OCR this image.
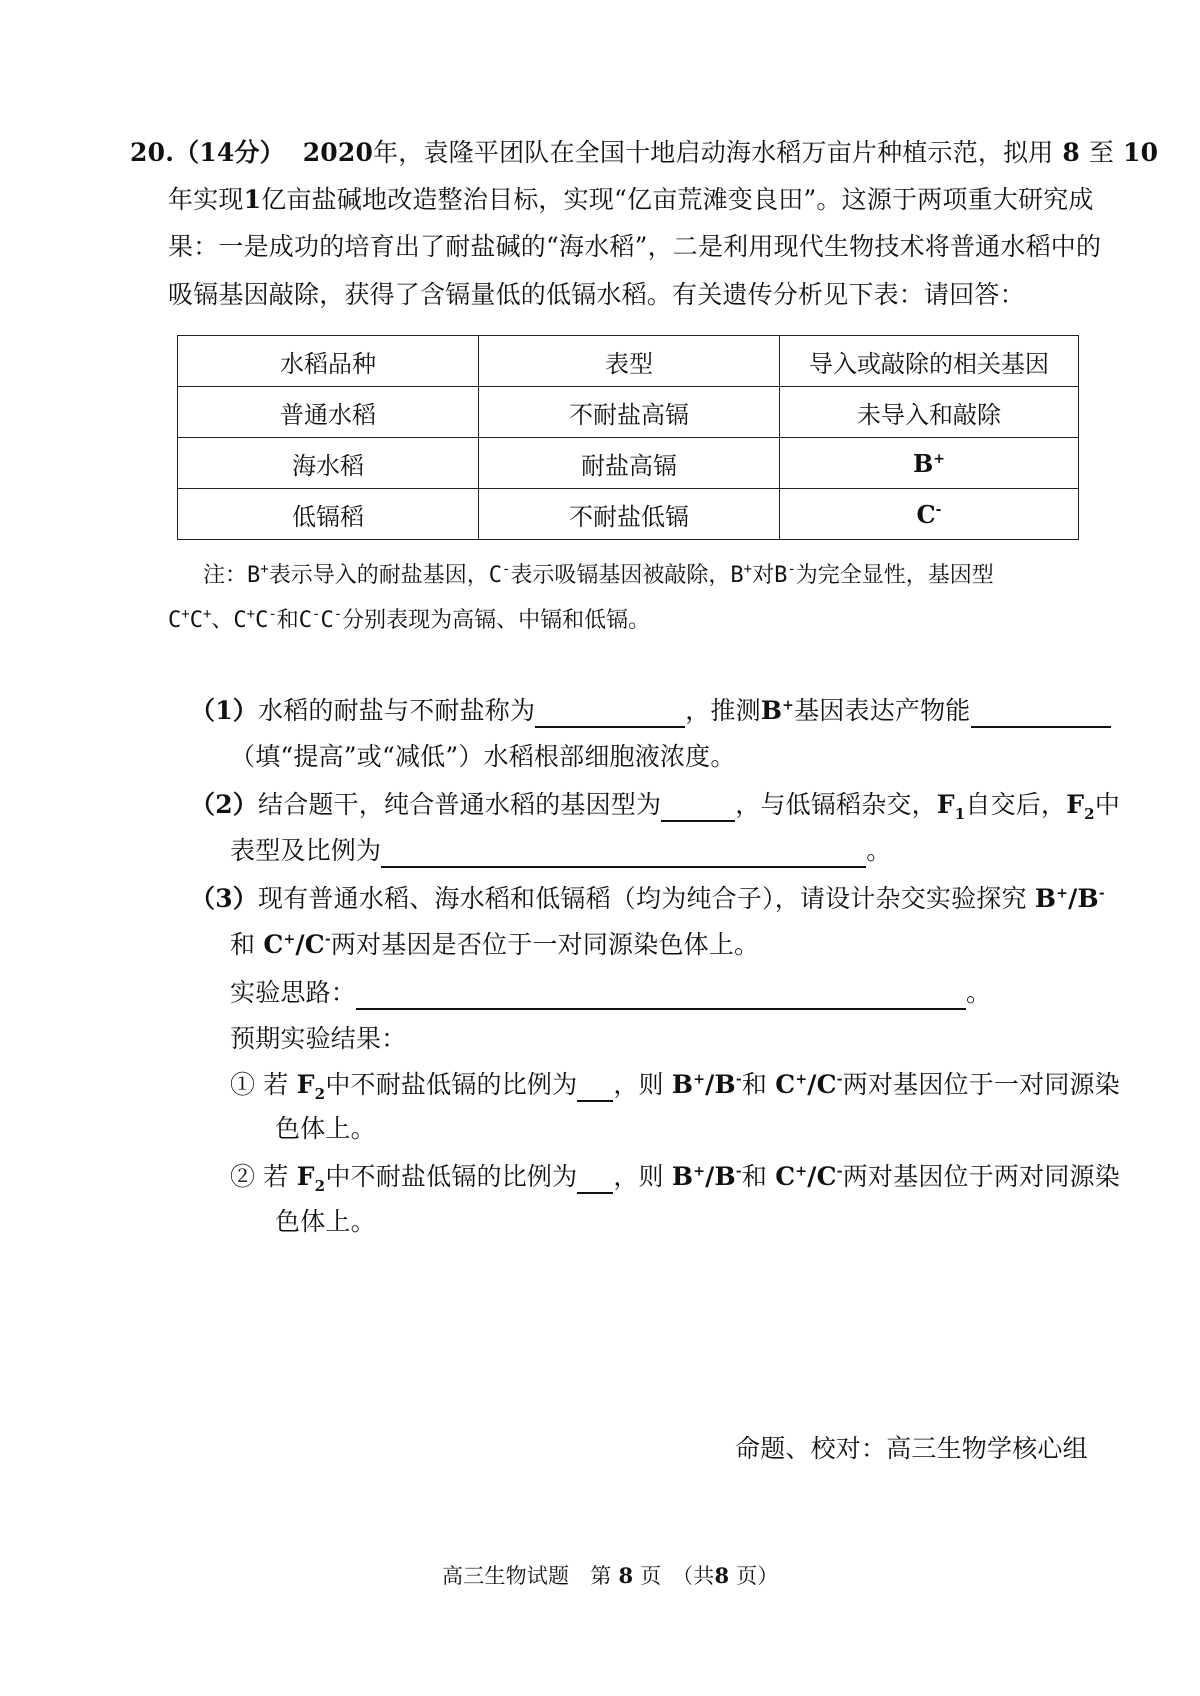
20.（14分） 2020年，袁隆平团队在全国十地启动海水稻万亩片种植示范，拟用 8 至 10
年实现1亿亩盐碱地改造整治目标，实现“亿亩荒滩变良田”。这源于两项重大研究成
果：一是成功的培育出了耐盐碱的“海水稻”，二是利用现代生物技术将普通水稻中的
吸镉基因敲除，获得了含镉量低的低镉水稻。有关遗传分析见下表：请回答：
水稻品种	表型	导入或敲除的相关基因
普通水稻	不耐盐高镉	未导入和敲除
海水稻	耐盐高镉	B+
低镉稻	不耐盐低镉	C-
注：B+表示导入的耐盐基因，C-表示吸镉基因被敲除，B+对B-为完全显性，基因型
C+C+、C+C-和C-C-分别表现为高镉、中镉和低镉。
（1）水稻的耐盐与不耐盐称为	，推测B+基因表达产物能
（填“提高”或“减低”）水稻根部细胞液浓度。
（2）结合题干，纯合普通水稻的基因型为	，与低镉稻杂交，$F_1$自交后，$F_2$中
表型及比例为	。
（3）现有普通水稻、海水稻和低镉稻（均为纯合子），请设计杂交实验探究 B+/B-
和 C+/C-两对基因是否位于一对同源染色体上。
实验思路：	。
预期实验结果：
① 若 $F_2$中不耐盐低镉的比例为 ，则 B+/B-和 C+/C-两对基因位于一对同源染
色体上。
② 若 $F_2$中不耐盐低镉的比例为 ，则 B+/B-和 C+/C-两对基因位于两对同源染
色体上。
命题、校对：高三生物学核心组
高三生物试题　第 8 页　（共8 页）
